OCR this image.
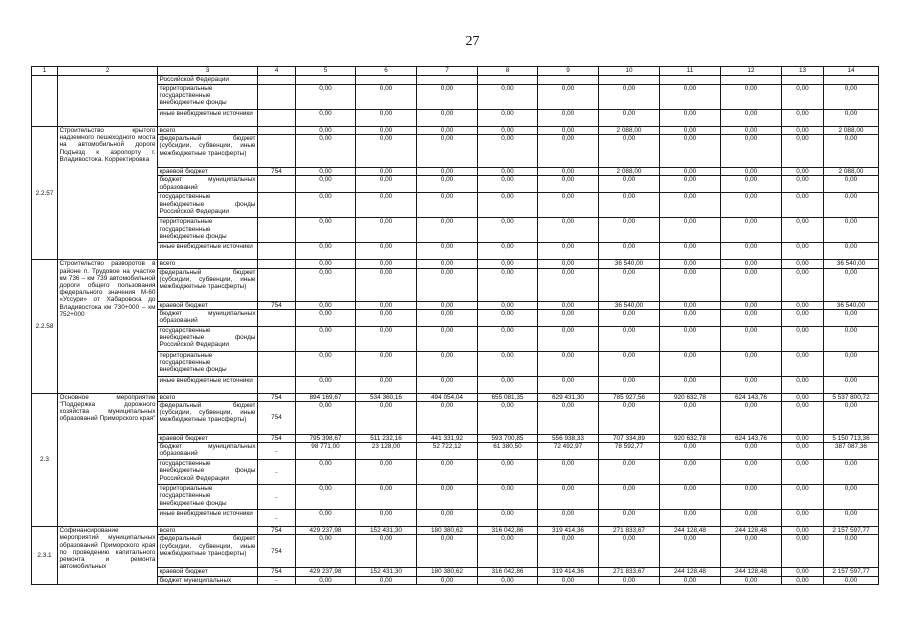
27
1	2	3	4	5	6	7	8	9	10	11	12	13	14
		Российской Федерации											
		территориальные государственные внебюджетные фонды		0,00	0,00	0,00	0,00	0,00	0,00	0,00	0,00	0,00	0,00
		иные внебюджетные источники		0,00	0,00	0,00	0,00	0,00	0,00	0,00	0,00	0,00	0,00
2.2.57	Строительство крытого надземного пешеходного моста на автомобильной дороге Подъезд к аэропорту г. Владивостока. Корректировка	всего		0,00	0,00	0,00	0,00	0,00	2 088,00	0,00	0,00	0,00	2 088,00
		федеральный бюджет (субсидии, субвенции, иные межбюджетные трансферты)		0,00	0,00	0,00	0,00	0,00	0,00	0,00	0,00	0,00	0,00
		краевой бюджет	754	0,00	0,00	0,00	0,00	0,00	2 088,00	0,00	0,00	0,00	2 088,00
		бюджет муниципальных образований		0,00	0,00	0,00	0,00	0,00	0,00	0,00	0,00	0,00	0,00
		государственные внебюджетные фонды Российской Федерации		0,00	0,00	0,00	0,00	0,00	0,00	0,00	0,00	0,00	0,00
		территориальные государственные внебюджетные фонды		0,00	0,00	0,00	0,00	0,00	0,00	0,00	0,00	0,00	0,00
		иные внебюджетные источники		0,00	0,00	0,00	0,00	0,00	0,00	0,00	0,00	0,00	0,00
2.2.58	Строительство разворотов в районе п. Трудовое на участке км 736 – км 739 автомобильной дороги общего пользования федерального значения М-60 «Уссури» от Хабаровска до Владивостока км 730+000 – км 752+000	всего		0,00	0,00	0,00	0,00	0,00	36 540,00	0,00	0,00	0,00	36 540,00
		федеральный бюджет (субсидии, субвенции, иные межбюджетные трансферты)		0,00	0,00	0,00	0,00	0,00	0,00	0,00	0,00	0,00	0,00
		краевой бюджет	754	0,00	0,00	0,00	0,00	0,00	36 540,00	0,00	0,00	0,00	36 540,00
		бюджет муниципальных образований		0,00	0,00	0,00	0,00	0,00	0,00	0,00	0,00	0,00	0,00
		государственные внебюджетные фонды Российской Федерации		0,00	0,00	0,00	0,00	0,00	0,00	0,00	0,00	0,00	0,00
		территориальные государственные внебюджетные фонды		0,00	0,00	0,00	0,00	0,00	0,00	0,00	0,00	0,00	0,00
		иные внебюджетные источники		0,00	0,00	0,00	0,00	0,00	0,00	0,00	0,00	0,00	0,00
2.3	Основное мероприятие "Поддержка дорожного хозяйства муниципальных образований Приморского края"	всего	754	894 169,67	534 360,16	494 054,04	655 081,35	629 431,30	785 927,56	920 632,78	624 143,76	0,00	5 537 800,72
		федеральный бюджет (субсидии, субвенции, иные межбюджетные трансферты)	754	0,00	0,00	0,00	0,00	0,00	0,00	0,00	0,00	0,00	0,00
		краевой бюджет	754	795 398,67	511 232,16	441 331,92	593 700,85	556 938,33	707 334,89	920 632,78	624 143,76	0,00	5 150 713,36
		бюджет муниципальных образований	-	98 771,00	23 128,00	52 722,12	61 380,50	72 492,97	78 592,77	0,00	0,00	0,00	387 087,36
		государственные внебюджетные фонды Российской Федерации	-	0,00	0,00	0,00	0,00	0,00	0,00	0,00	0,00	0,00	0,00
		территориальные государственные внебюджетные фонды	-	0,00	0,00	0,00	0,00	0,00	0,00	0,00	0,00	0,00	0,00
		иные внебюджетные источники	-	0,00	0,00	0,00	0,00	0,00	0,00	0,00	0,00	0,00	0,00
2.3.1	Софинансирование мероприятий муниципальных образований Приморского края по проведению капитального ремонта и ремонта автомобильных	всего	754	429 237,98	152 431,30	180 380,62	316 042,86	319 414,36	271 833,67	244 128,48	244 128,48	0,00	2 157 597,77
		федеральный бюджет (субсидии, субвенции, иные межбюджетные трансферты)	754	0,00	0,00	0,00	0,00	0,00	0,00	0,00	0,00	0,00	0,00
		краевой бюджет	754	429 237,98	152 431,30	180 380,62	316 042,86	319 414,36	271 833,67	244 128,48	244 128,48	0,00	2 157 597,77
		бюджет муниципальных	-	0,00	0,00	0,00	0,00	0,00	0,00	0,00	0,00	0,00	0,00
